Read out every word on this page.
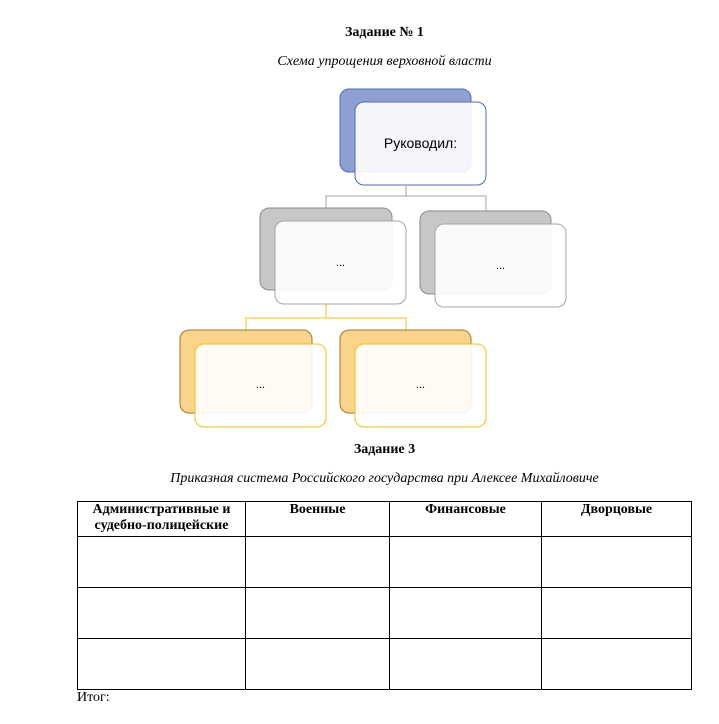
Задание № 1
Схема упрощения верховной власти
Руководил:
...	...
...	...
Задание 3
Приказная система Российского государства при Алексее Михайловиче
Административные и судебно-полицейские	Военные	Финансовые	Дворцовые

Итог:
